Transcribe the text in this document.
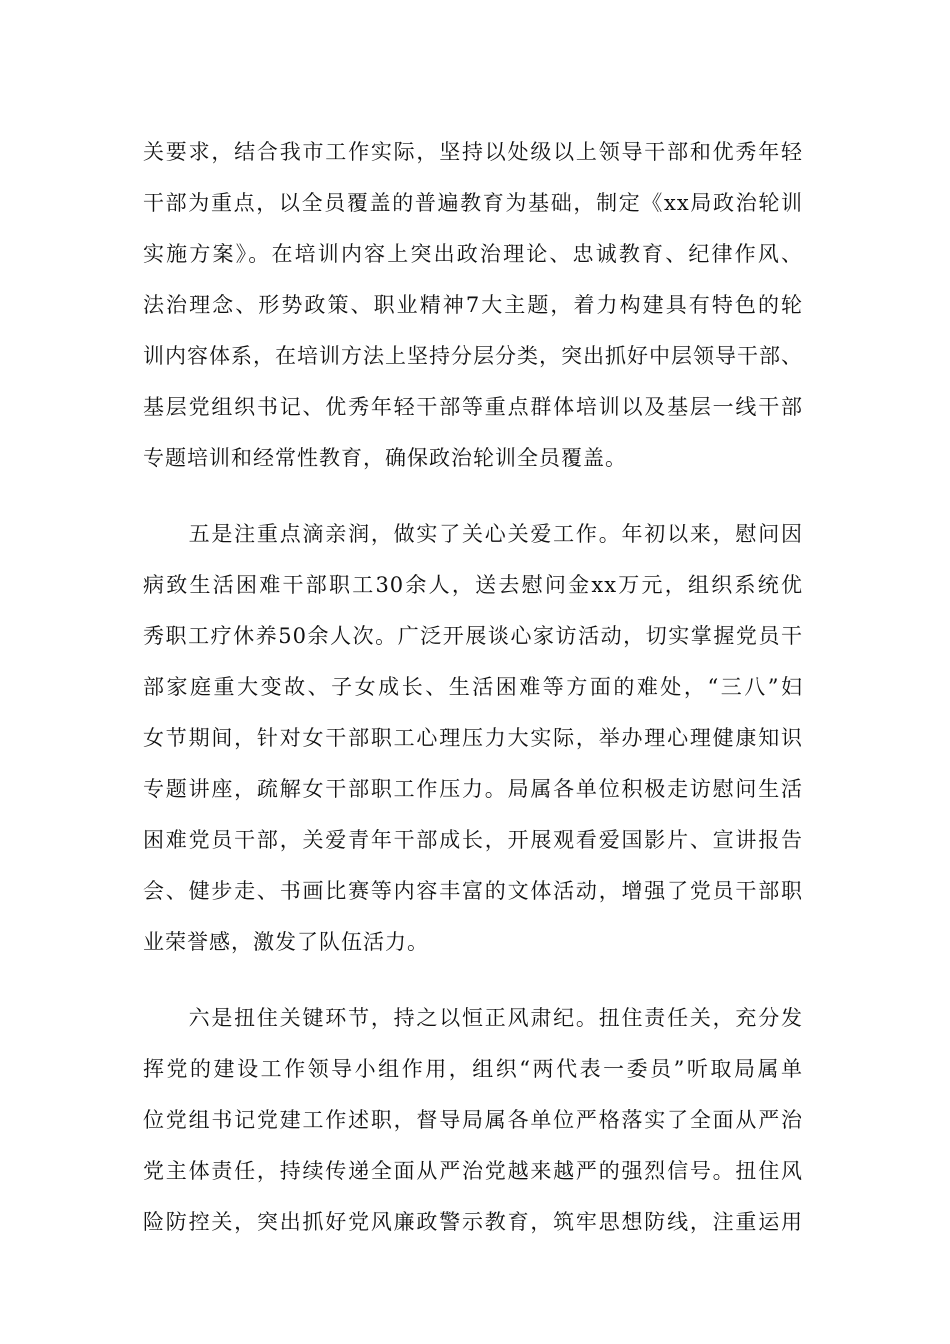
关要求，结合我市工作实际，坚持以处级以上领导干部和优秀年轻
干部为重点，以全员覆盖的普遍教育为基础，制定《xx局政治轮训
实施方案》。在培训内容上突出政治理论、忠诚教育、纪律作风、
法治理念、形势政策、职业精神7大主题，着力构建具有特色的轮
训内容体系，在培训方法上坚持分层分类，突出抓好中层领导干部、
基层党组织书记、优秀年轻干部等重点群体培训以及基层一线干部
专题培训和经常性教育，确保政治轮训全员覆盖。
　　五是注重点滴亲润，做实了关心关爱工作。年初以来，慰问因
病致生活困难干部职工30余人，送去慰问金xx万元，组织系统优
秀职工疗休养50余人次。广泛开展谈心家访活动，切实掌握党员干
部家庭重大变故、子女成长、生活困难等方面的难处，“三八”妇
女节期间，针对女干部职工心理压力大实际，举办理心理健康知识
专题讲座，疏解女干部职工作压力。局属各单位积极走访慰问生活
困难党员干部，关爱青年干部成长，开展观看爱国影片、宣讲报告
会、健步走、书画比赛等内容丰富的文体活动，增强了党员干部职
业荣誉感，激发了队伍活力。
　　六是扭住关键环节，持之以恒正风肃纪。扭住责任关，充分发
挥党的建设工作领导小组作用，组织“两代表一委员”听取局属单
位党组书记党建工作述职，督导局属各单位严格落实了全面从严治
党主体责任，持续传递全面从严治党越来越严的强烈信号。扭住风
险防控关，突出抓好党风廉政警示教育，筑牢思想防线，注重运用
